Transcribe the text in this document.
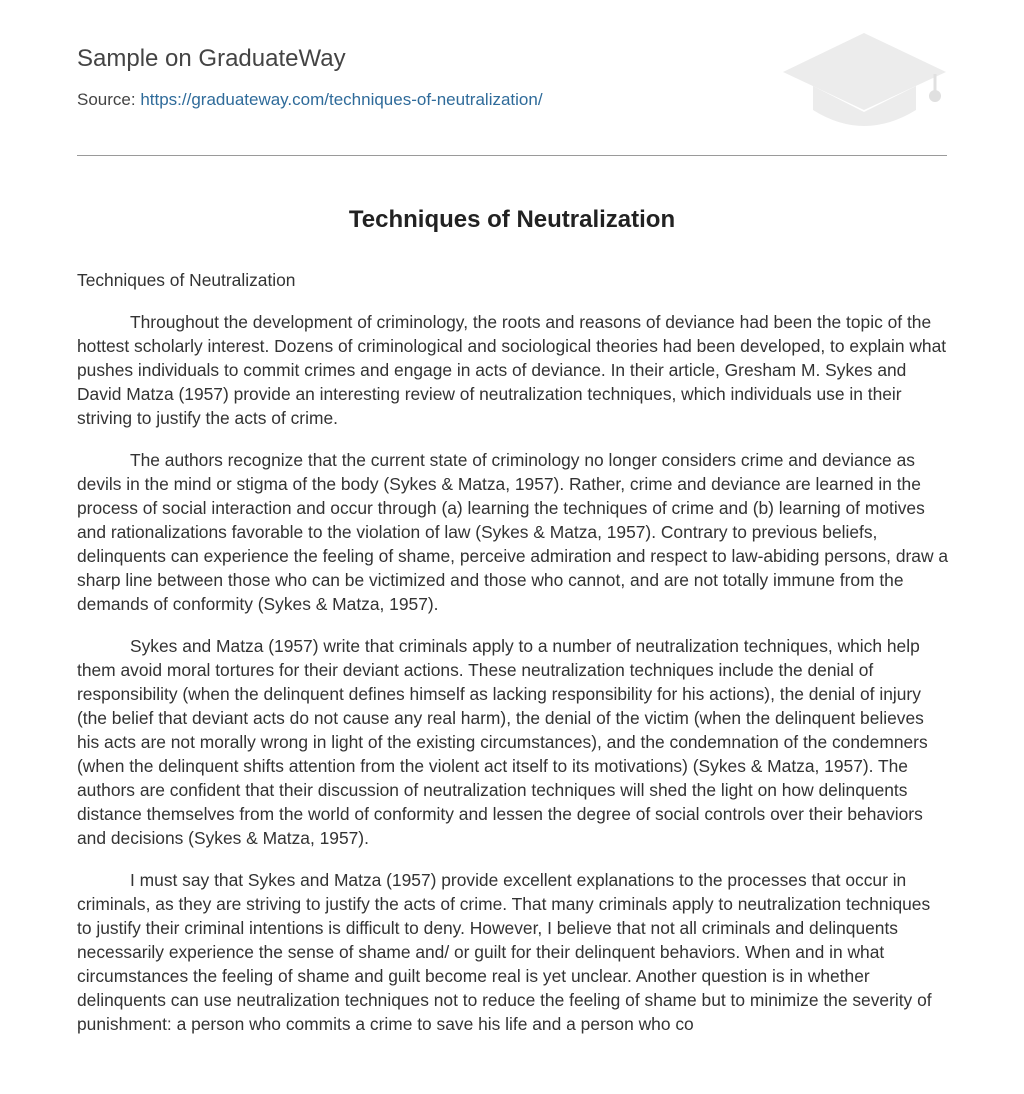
Sample on GraduateWay
Source: https://graduateway.com/techniques-of-neutralization/
Techniques of Neutralization
Techniques of Neutralization

Throughout the development of criminology, the roots and reasons of deviance had been the topic of the hottest scholarly interest. Dozens of criminological and sociological theories had been developed, to explain what pushes individuals to commit crimes and engage in acts of deviance. In their article, Gresham M. Sykes and David Matza (1957) provide an interesting review of neutralization techniques, which individuals use in their striving to justify the acts of crime.

The authors recognize that the current state of criminology no longer considers crime and deviance as devils in the mind or stigma of the body (Sykes & Matza, 1957). Rather, crime and deviance are learned in the process of social interaction and occur through (a) learning the techniques of crime and (b) learning of motives and rationalizations favorable to the violation of law (Sykes & Matza, 1957). Contrary to previous beliefs, delinquents can experience the feeling of shame, perceive admiration and respect to law-abiding persons, draw a sharp line between those who can be victimized and those who cannot, and are not totally immune from the demands of conformity (Sykes & Matza, 1957).

Sykes and Matza (1957) write that criminals apply to a number of neutralization techniques, which help them avoid moral tortures for their deviant actions. These neutralization techniques include the denial of responsibility (when the delinquent defines himself as lacking responsibility for his actions), the denial of injury (the belief that deviant acts do not cause any real harm), the denial of the victim (when the delinquent believes his acts are not morally wrong in light of the existing circumstances), and the condemnation of the condemners (when the delinquent shifts attention from the violent act itself to its motivations) (Sykes & Matza, 1957). The authors are confident that their discussion of neutralization techniques will shed the light on how delinquents distance themselves from the world of conformity and lessen the degree of social controls over their behaviors and decisions (Sykes & Matza, 1957).

I must say that Sykes and Matza (1957) provide excellent explanations to the processes that occur in criminals, as they are striving to justify the acts of crime. That many criminals apply to neutralization techniques to justify their criminal intentions is difficult to deny. However, I believe that not all criminals and delinquents necessarily experience the sense of shame and/ or guilt for their delinquent behaviors. When and in what circumstances the feeling of shame and guilt become real is yet unclear. Another question is in whether delinquents can use neutralization techniques not to reduce the feeling of shame but to minimize the severity of punishment: a person who commits a crime to save his life and a person who co
